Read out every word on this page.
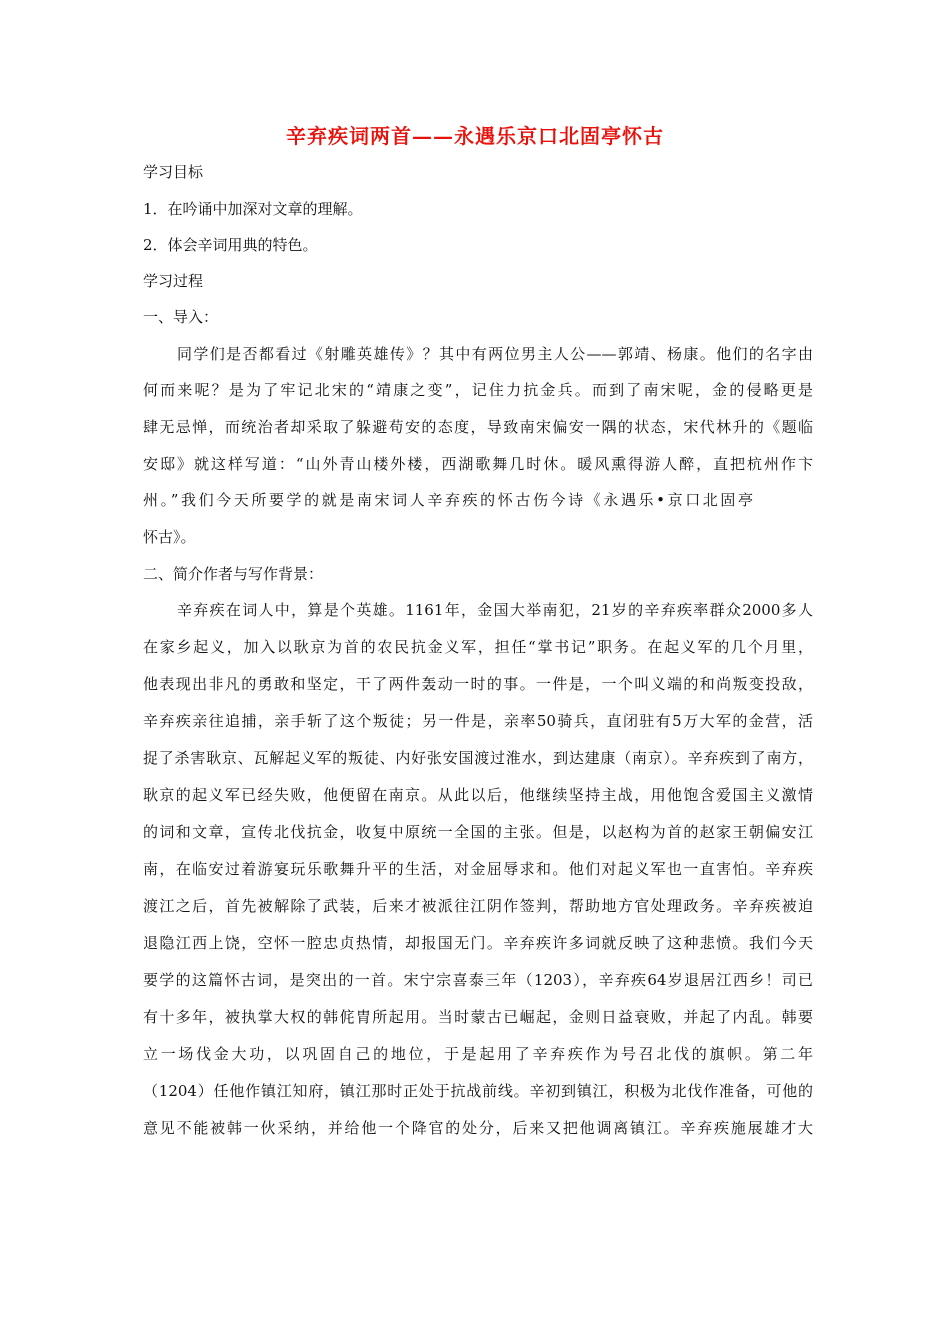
辛弃疾词两首——永遇乐京口北固亭怀古
学习目标
1．在吟诵中加深对文章的理解。
2．体会辛词用典的特色。
学习过程
一、导入：
同学们是否都看过《射雕英雄传》？其中有两位男主人公——郭靖、杨康。他们的名字由
何而来呢？是为了牢记北宋的“靖康之变”，记住力抗金兵。而到了南宋呢，金的侵略更是
肆无忌惮，而统治者却采取了躲避苟安的态度，导致南宋偏安一隅的状态，宋代林升的《题临
安邸》就这样写道：“山外青山楼外楼，西湖歌舞几时休。暖风熏得游人醉，直把杭州作卞
州。”我们今天所要学的就是南宋词人辛弃疾的怀古伤今诗《永遇乐•京口北固亭
怀古》。
二、简介作者与写作背景：
辛弃疾在词人中，算是个英雄。1161年，金国大举南犯，21岁的辛弃疾率群众2000多人
在家乡起义，加入以耿京为首的农民抗金义军，担任“掌书记”职务。在起义军的几个月里，
他表现出非凡的勇敢和坚定，干了两件轰动一时的事。一件是，一个叫义端的和尚叛变投敌，
辛弃疾亲往追捕，亲手斩了这个叛徒；另一件是，亲率50骑兵，直闭驻有5万大军的金营，活
捉了杀害耿京、瓦解起义军的叛徒、内好张安国渡过淮水，到达建康（南京）。辛弃疾到了南方，
耿京的起义军已经失败，他便留在南京。从此以后，他继续坚持主战，用他饱含爱国主义激情
的词和文章，宣传北伐抗金，收复中原统一全国的主张。但是，以赵构为首的赵家王朝偏安江
南，在临安过着游宴玩乐歌舞升平的生活，对金屈辱求和。他们对起义军也一直害怕。辛弃疾
渡江之后，首先被解除了武装，后来才被派往江阴作签判，帮助地方官处理政务。辛弃疾被迫
退隐江西上饶，空怀一腔忠贞热情，却报国无门。辛弃疾许多词就反映了这种悲愤。我们今天
要学的这篇怀古词，是突出的一首。宋宁宗喜泰三年（1203），辛弃疾64岁退居江西乡！司已
有十多年，被执掌大权的韩侂胄所起用。当时蒙古已崛起，金则日益衰败，并起了内乱。韩要
立一场伐金大功，以巩固自己的地位，于是起用了辛弃疾作为号召北伐的旗帜。第二年
（1204）任他作镇江知府，镇江那时正处于抗战前线。辛初到镇江，积极为北伐作准备，可他的
意见不能被韩一伙采纳，并给他一个降官的处分，后来又把他调离镇江。辛弃疾施展雄才大
